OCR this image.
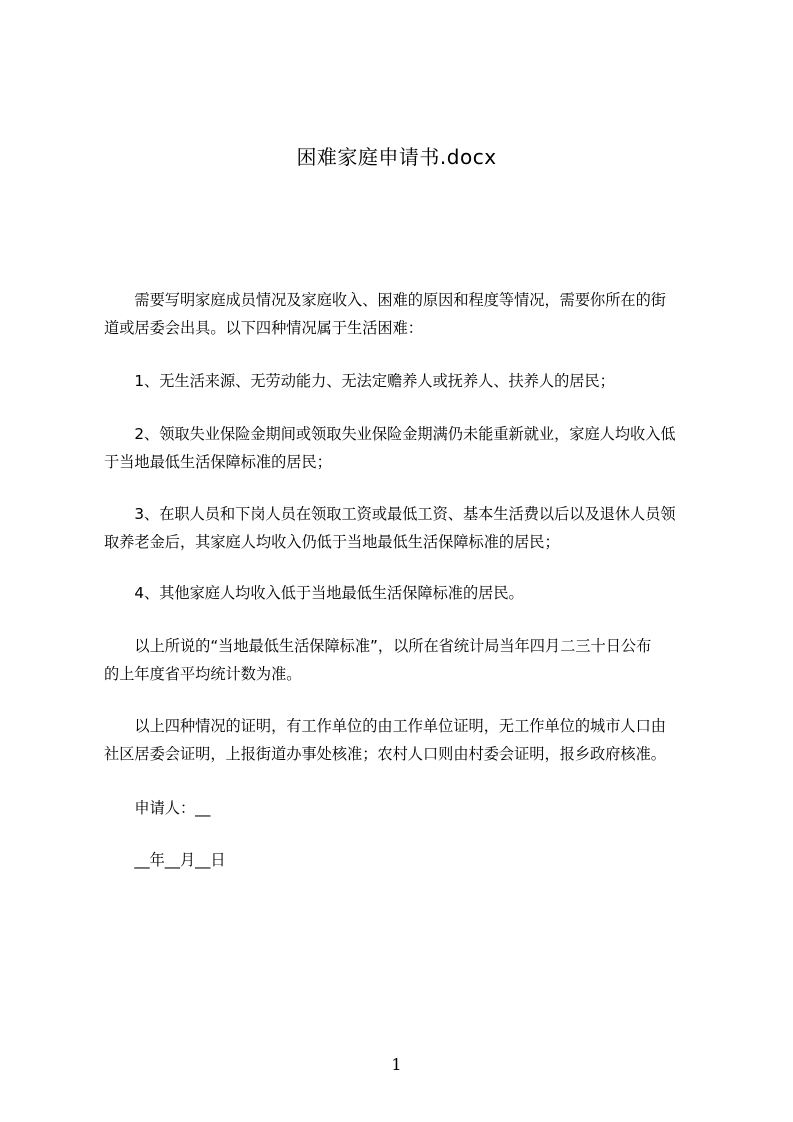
困难家庭申请书.docx
　　需要写明家庭成员情况及家庭收入、困难的原因和程度等情况，需要你所在的街
道或居委会出具。以下四种情况属于生活困难：
　　1、无生活来源、无劳动能力、无法定赡养人或抚养人、扶养人的居民；
　　2、领取失业保险金期间或领取失业保险金期满仍未能重新就业，家庭人均收入低
于当地最低生活保障标准的居民；
　　3、在职人员和下岗人员在领取工资或最低工资、基本生活费以后以及退休人员领
取养老金后，其家庭人均收入仍低于当地最低生活保障标准的居民；
　　4、其他家庭人均收入低于当地最低生活保障标准的居民。
　　以上所说的“当地最低生活保障标准”，以所在省统计局当年四月二三十日公布
的上年度省平均统计数为准。
　　以上四种情况的证明，有工作单位的由工作单位证明，无工作单位的城市人口由
社区居委会证明，上报街道办事处核准；农村人口则由村委会证明，报乡政府核准。
　　申请人：__
　　__年__月__日
1
